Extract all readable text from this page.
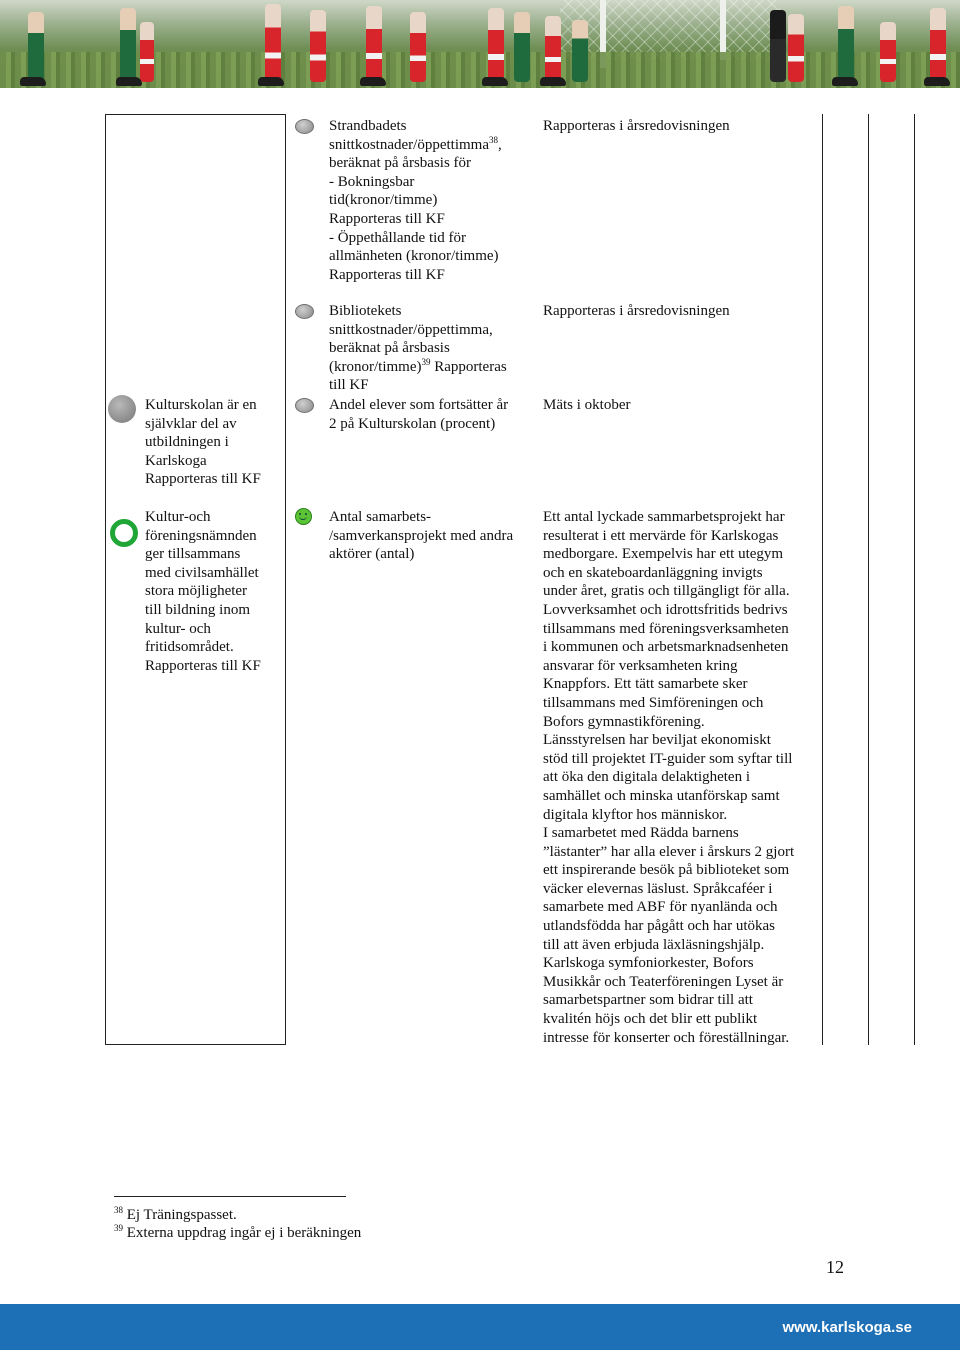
Strandbadets
snittkostnader/öppettimma$^{38}$,
beräknat på årsbasis för
- Bokningsbar
tid(kronor/timme)
Rapporteras till KF
- Öppethållande tid för
allmänheten (kronor/timme)
Rapporteras till KF
Rapporteras i årsredovisningen
Bibliotekets
snittkostnader/öppettimma,
beräknat på årsbasis
(kronor/timme)$^{39}$ Rapporteras
till KF
Rapporteras i årsredovisningen
Kulturskolan är en
självklar del av
utbildningen i
Karlskoga
Rapporteras till KF
Andel elever som fortsätter år
2 på Kulturskolan (procent)
Mäts i oktober
Kultur-och
föreningsnämnden
ger tillsammans
med civilsamhället
stora möjligheter
till bildning inom
kultur- och
fritidsområdet.
Rapporteras till KF
Antal samarbets-
/samverkansprojekt med andra
aktörer (antal)
Ett antal lyckade sammarbetsprojekt har
resulterat i ett mervärde för Karlskogas
medborgare. Exempelvis har ett utegym
och en skateboardanläggning invigts
under året, gratis och tillgängligt för alla.
Lovverksamhet och idrottsfritids bedrivs
tillsammans med föreningsverksamheten
i kommunen och arbetsmarknadsenheten
ansvarar för verksamheten kring
Knappfors. Ett tätt samarbete sker
tillsammans med Simföreningen och
Bofors gymnastikförening.
Länsstyrelsen har beviljat ekonomiskt
stöd till projektet IT-guider som syftar till
att öka den digitala delaktigheten i
samhället och minska utanförskap samt
digitala klyftor hos människor.
I samarbetet med Rädda barnens
”lästanter” har alla elever i årskurs 2 gjort
ett inspirerande besök på biblioteket som
väcker elevernas läslust. Språkcaféer i
samarbete med ABF för nyanlända och
utlandsfödda har pågått och har utökas
till att även erbjuda läxläsningshjälp.
Karlskoga symfoniorkester, Bofors
Musikkår och Teaterföreningen Lyset är
samarbetspartner som bidrar till att
kvalitén höjs och det blir ett publikt
intresse för konserter och föreställningar.
$^{38}$ Ej Träningspasset.
$^{39}$ Externa uppdrag ingår ej i beräkningen
12
www.karlskoga.se
